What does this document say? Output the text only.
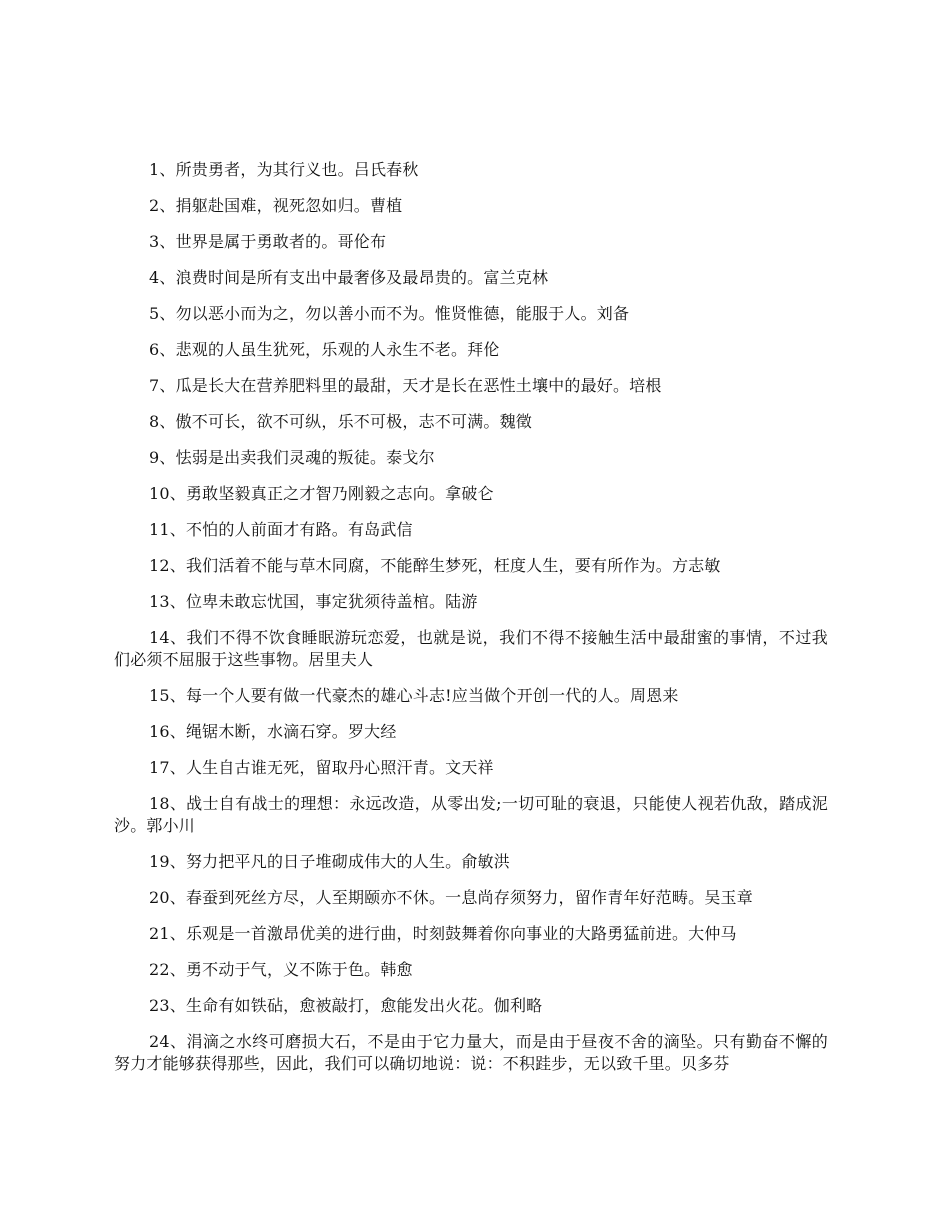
1、所贵勇者，为其行义也。吕氏春秋

2、捐躯赴国难，视死忽如归。曹植

3、世界是属于勇敢者的。哥伦布

4、浪费时间是所有支出中最奢侈及最昂贵的。富兰克林

5、勿以恶小而为之，勿以善小而不为。惟贤惟德，能服于人。刘备

6、悲观的人虽生犹死，乐观的人永生不老。拜伦

7、瓜是长大在营养肥料里的最甜，天才是长在恶性土壤中的最好。培根

8、傲不可长，欲不可纵，乐不可极，志不可满。魏徵

9、怯弱是出卖我们灵魂的叛徒。泰戈尔

10、勇敢坚毅真正之才智乃刚毅之志向。拿破仑

11、不怕的人前面才有路。有岛武信

12、我们活着不能与草木同腐，不能醉生梦死，枉度人生，要有所作为。方志敏

13、位卑未敢忘忧国，事定犹须待盖棺。陆游

14、我们不得不饮食睡眠游玩恋爱，也就是说，我们不得不接触生活中最甜蜜的事情，不过我们必须不屈服于这些事物。居里夫人

15、每一个人要有做一代豪杰的雄心斗志!应当做个开创一代的人。周恩来

16、绳锯木断，水滴石穿。罗大经

17、人生自古谁无死，留取丹心照汗青。文天祥

18、战士自有战士的理想：永远改造，从零出发;一切可耻的衰退，只能使人视若仇敌，踏成泥沙。郭小川

19、努力把平凡的日子堆砌成伟大的人生。俞敏洪

20、春蚕到死丝方尽，人至期颐亦不休。一息尚存须努力，留作青年好范畴。吴玉章

21、乐观是一首激昂优美的进行曲，时刻鼓舞着你向事业的大路勇猛前进。大仲马

22、勇不动于气，义不陈于色。韩愈

23、生命有如铁砧，愈被敲打，愈能发出火花。伽利略

24、涓滴之水终可磨损大石，不是由于它力量大，而是由于昼夜不舍的滴坠。只有勤奋不懈的努力才能够获得那些，因此，我们可以确切地说：说：不积跬步，无以致千里。贝多芬
